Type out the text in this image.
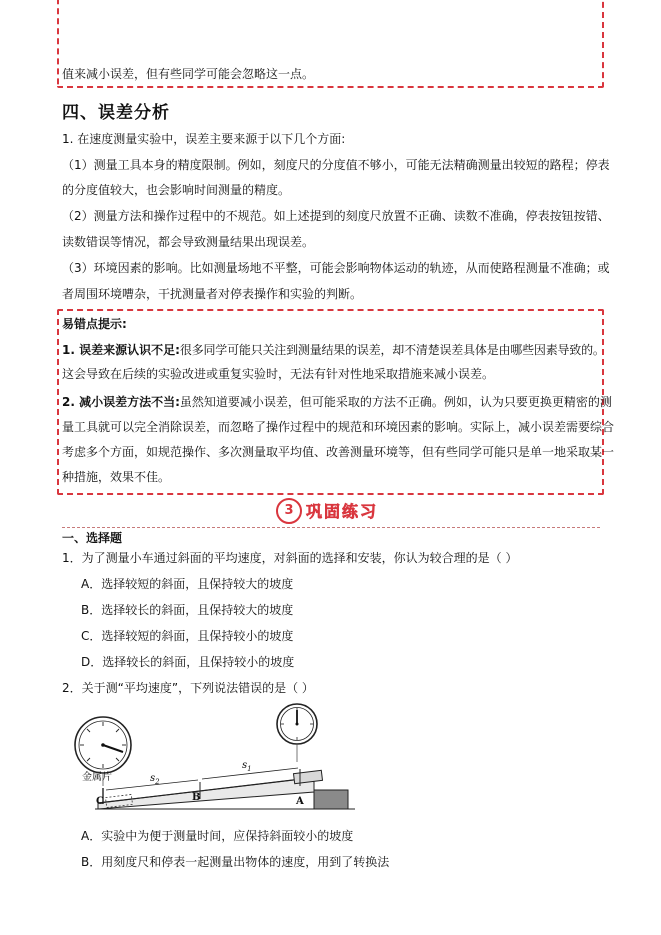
值来减小误差，但有些同学可能会忽略这一点。
四、误差分析
1. 在速度测量实验中，误差主要来源于以下几个方面:
（1）测量工具本身的精度限制。例如，刻度尺的分度值不够小，可能无法精确测量出较短的路程；停表
的分度值较大，也会影响时间测量的精度。
（2）测量方法和操作过程中的不规范。如上述提到的刻度尺放置不正确、读数不准确，停表按钮按错、
读数错误等情况，都会导致测量结果出现误差。
（3）环境因素的影响。比如测量场地不平整，可能会影响物体运动的轨迹，从而使路程测量不准确；或
者周围环境嘈杂，干扰测量者对停表操作和实验的判断。
易错点提示:
1. 误差来源认识不足:很多同学可能只关注到测量结果的误差，却不清楚误差具体是由哪些因素导致的。
这会导致在后续的实验改进或重复实验时，无法有针对性地采取措施来减小误差。
2. 减小误差方法不当:虽然知道要减小误差，但可能采取的方法不正确。例如，认为只要更换更精密的测
量工具就可以完全消除误差，而忽略了操作过程中的规范和环境因素的影响。实际上，减小误差需要综合
考虑多个方面，如规范操作、多次测量取平均值、改善测量环境等，但有些同学可能只是单一地采取某一
种措施，效果不佳。
3 巩固练习
一、选择题
1．为了测量小车通过斜面的平均速度，对斜面的选择和安装，你认为较合理的是（ ）
A．选择较短的斜面，且保持较大的坡度
B．选择较长的斜面，且保持较大的坡度
C．选择较短的斜面，且保持较小的坡度
D．选择较长的斜面，且保持较小的坡度
2．关于测“平均速度”，下列说法错误的是（ ）
金属片	$s_2$
$s_1$
C	B	A
A．实验中为便于测量时间，应保持斜面较小的坡度
B．用刻度尺和停表一起测量出物体的速度，用到了转换法
